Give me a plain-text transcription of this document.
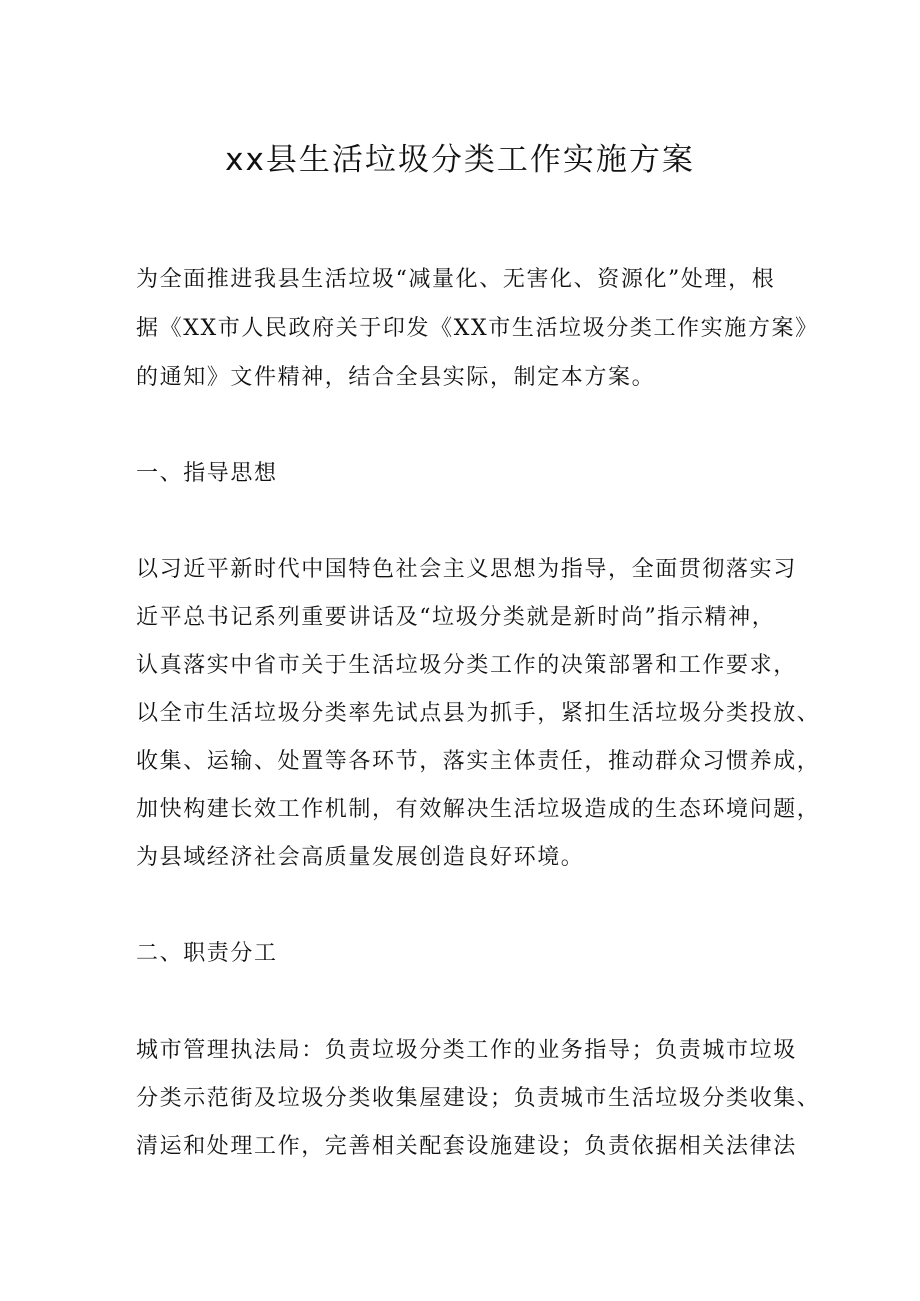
xx县生活垃圾分类工作实施方案

为全面推进我县生活垃圾“减量化、无害化、资源化”处理，根

据《XX市人民政府关于印发《XX市生活垃圾分类工作实施方案》

的通知》文件精神，结合全县实际，制定本方案。

一、指导思想

以习近平新时代中国特色社会主义思想为指导，全面贯彻落实习

近平总书记系列重要讲话及“垃圾分类就是新时尚”指示精神，

认真落实中省市关于生活垃圾分类工作的决策部署和工作要求，

以全市生活垃圾分类率先试点县为抓手，紧扣生活垃圾分类投放、

收集、运输、处置等各环节，落实主体责任，推动群众习惯养成，

加快构建长效工作机制，有效解决生活垃圾造成的生态环境问题，

为县域经济社会高质量发展创造良好环境。

二、职责分工

城市管理执法局：负责垃圾分类工作的业务指导；负责城市垃圾

分类示范街及垃圾分类收集屋建设；负责城市生活垃圾分类收集、

清运和处理工作，完善相关配套设施建设；负责依据相关法律法
